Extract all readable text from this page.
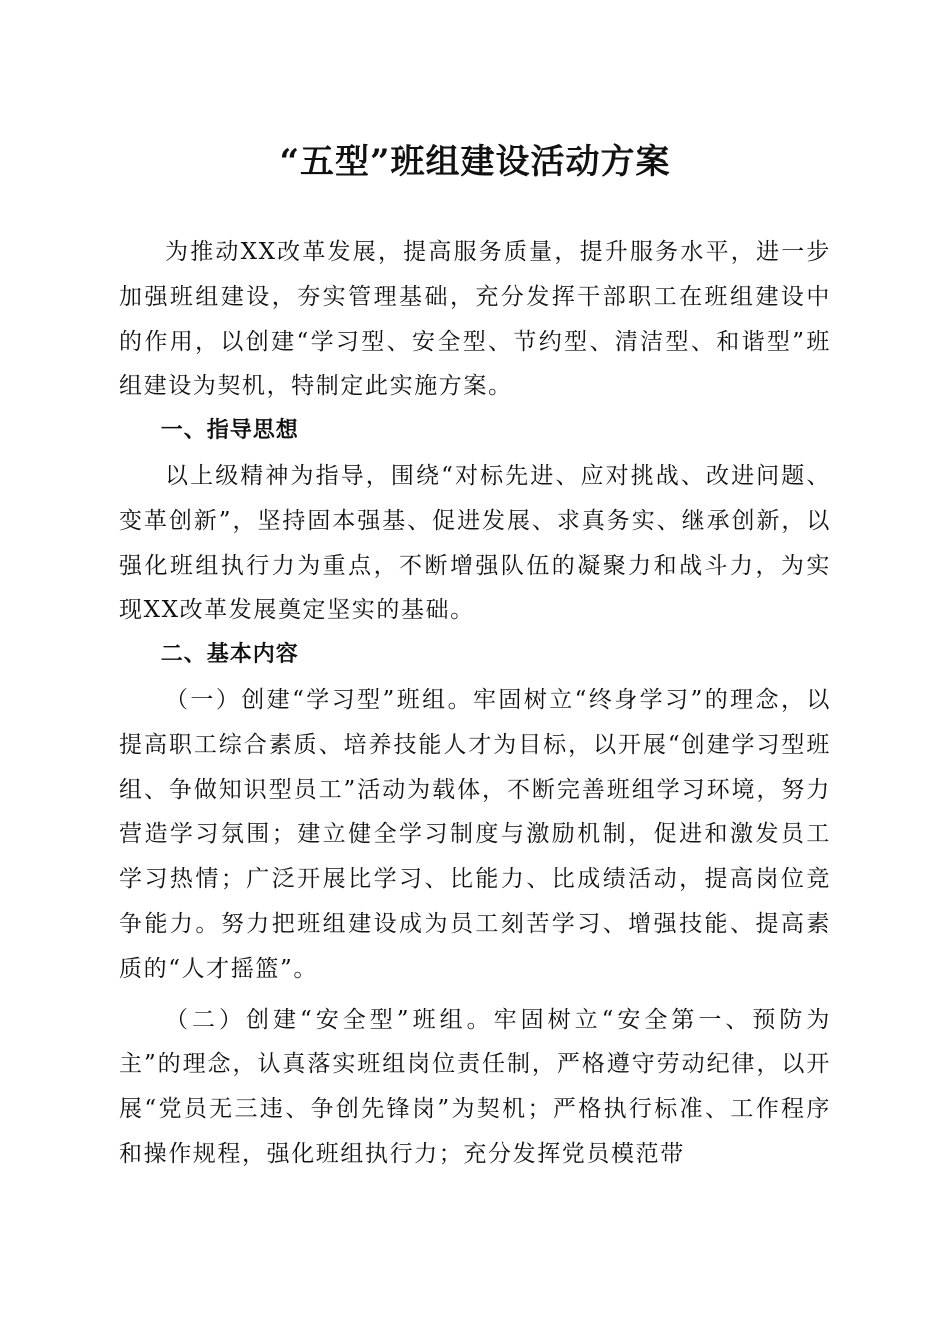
“五型”班组建设活动方案

为推动XX改革发展，提高服务质量，提升服务水平，进一步加强班组建设，夯实管理基础，充分发挥干部职工在班组建设中的作用，以创建“学习型、安全型、节约型、清洁型、和谐型”班组建设为契机，特制定此实施方案。

一、指导思想

以上级精神为指导，围绕“对标先进、应对挑战、改进问题、变革创新”，坚持固本强基、促进发展、求真务实、继承创新，以强化班组执行力为重点，不断增强队伍的凝聚力和战斗力，为实现XX改革发展奠定坚实的基础。

二、基本内容

（一）创建“学习型”班组。牢固树立“终身学习”的理念，以提高职工综合素质、培养技能人才为目标，以开展“创建学习型班组、争做知识型员工”活动为载体，不断完善班组学习环境，努力营造学习氛围；建立健全学习制度与激励机制，促进和激发员工学习热情；广泛开展比学习、比能力、比成绩活动，提高岗位竞争能力。努力把班组建设成为员工刻苦学习、增强技能、提高素质的“人才摇篮”。

（二）创建“安全型”班组。牢固树立“安全第一、预防为主”的理念，认真落实班组岗位责任制，严格遵守劳动纪律，以开展“党员无三违、争创先锋岗”为契机；严格执行标准、工作程序和操作规程，强化班组执行力；充分发挥党员模范带
